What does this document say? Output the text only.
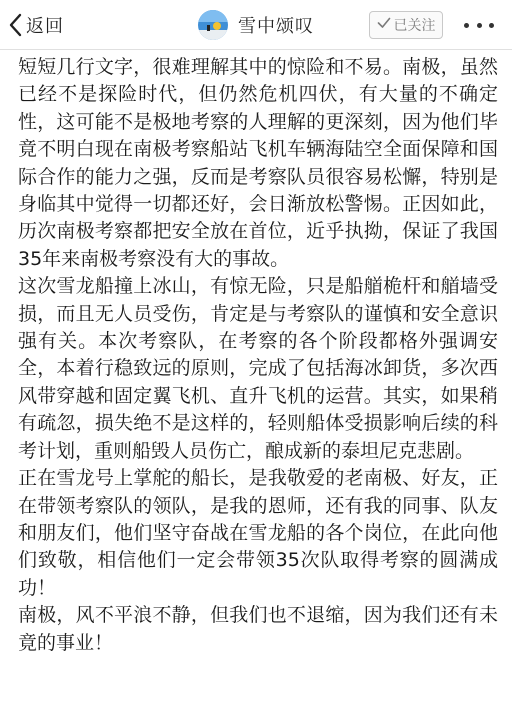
返回	雪中颂叹	已关注

短短几行文字，很难理解其中的惊险和不易。南极，虽然已经不是探险时代，但仍然危机四伏，有大量的不确定性，这可能不是极地考察的人理解的更深刻，因为他们毕竟不明白现在南极考察船站飞机车辆海陆空全面保障和国际合作的能力之强，反而是考察队员很容易松懈，特别是身临其中觉得一切都还好，会日渐放松警惕。正因如此，历次南极考察都把安全放在首位，近乎执拗，保证了我国35年来南极考察没有大的事故。

这次雪龙船撞上冰山，有惊无险，只是船艏桅杆和艏墙受损，而且无人员受伤，肯定是与考察队的谨慎和安全意识强有关。本次考察队，在考察的各个阶段都格外强调安全，本着行稳致远的原则，完成了包括海冰卸货，多次西风带穿越和固定翼飞机、直升飞机的运营。其实，如果稍有疏忽，损失绝不是这样的，轻则船体受损影响后续的科考计划，重则船毁人员伤亡，酿成新的泰坦尼克悲剧。

正在雪龙号上掌舵的船长，是我敬爱的老南极、好友，正在带领考察队的领队，是我的恩师，还有我的同事、队友和朋友们，他们坚守奋战在雪龙船的各个岗位，在此向他们致敬，相信他们一定会带领35次队取得考察的圆满成功！

南极，风不平浪不静，但我们也不退缩，因为我们还有未竟的事业！
